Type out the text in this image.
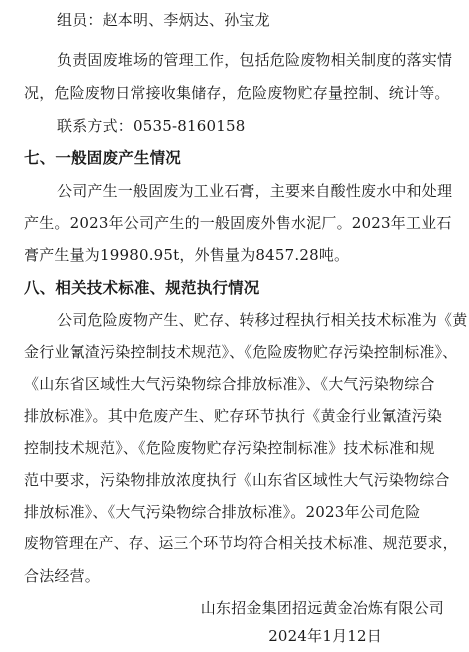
组员：赵本明、李炳达、孙宝龙
负责固废堆场的管理工作，包括危险废物相关制度的落实情
况，危险废物日常接收集储存，危险废物贮存量控制、统计等。
联系方式：0535-8160158
七、一般固废产生情况
公司产生一般固废为工业石膏，主要来自酸性废水中和处理
产生。2023年公司产生的一般固废外售水泥厂。2023年工业石
膏产生量为19980.95t，外售量为8457.28吨。
八、相关技术标准、规范执行情况
公司危险废物产生、贮存、转移过程执行相关技术标准为《黄
金行业氰渣污染控制技术规范》、《危险废物贮存污染控制标准》、
《山东省区域性大气污染物综合排放标准》、《大气污染物综合
排放标准》。其中危废产生、贮存环节执行《黄金行业氰渣污染
控制技术规范》、《危险废物贮存污染控制标准》技术标准和规
范中要求，污染物排放浓度执行《山东省区域性大气污染物综合
排放标准》、《大气污染物综合排放标准》。2023年公司危险
废物管理在产、存、运三个环节均符合相关技术标准、规范要求，
合法经营。
山东招金集团招远黄金冶炼有限公司
2024年1月12日
